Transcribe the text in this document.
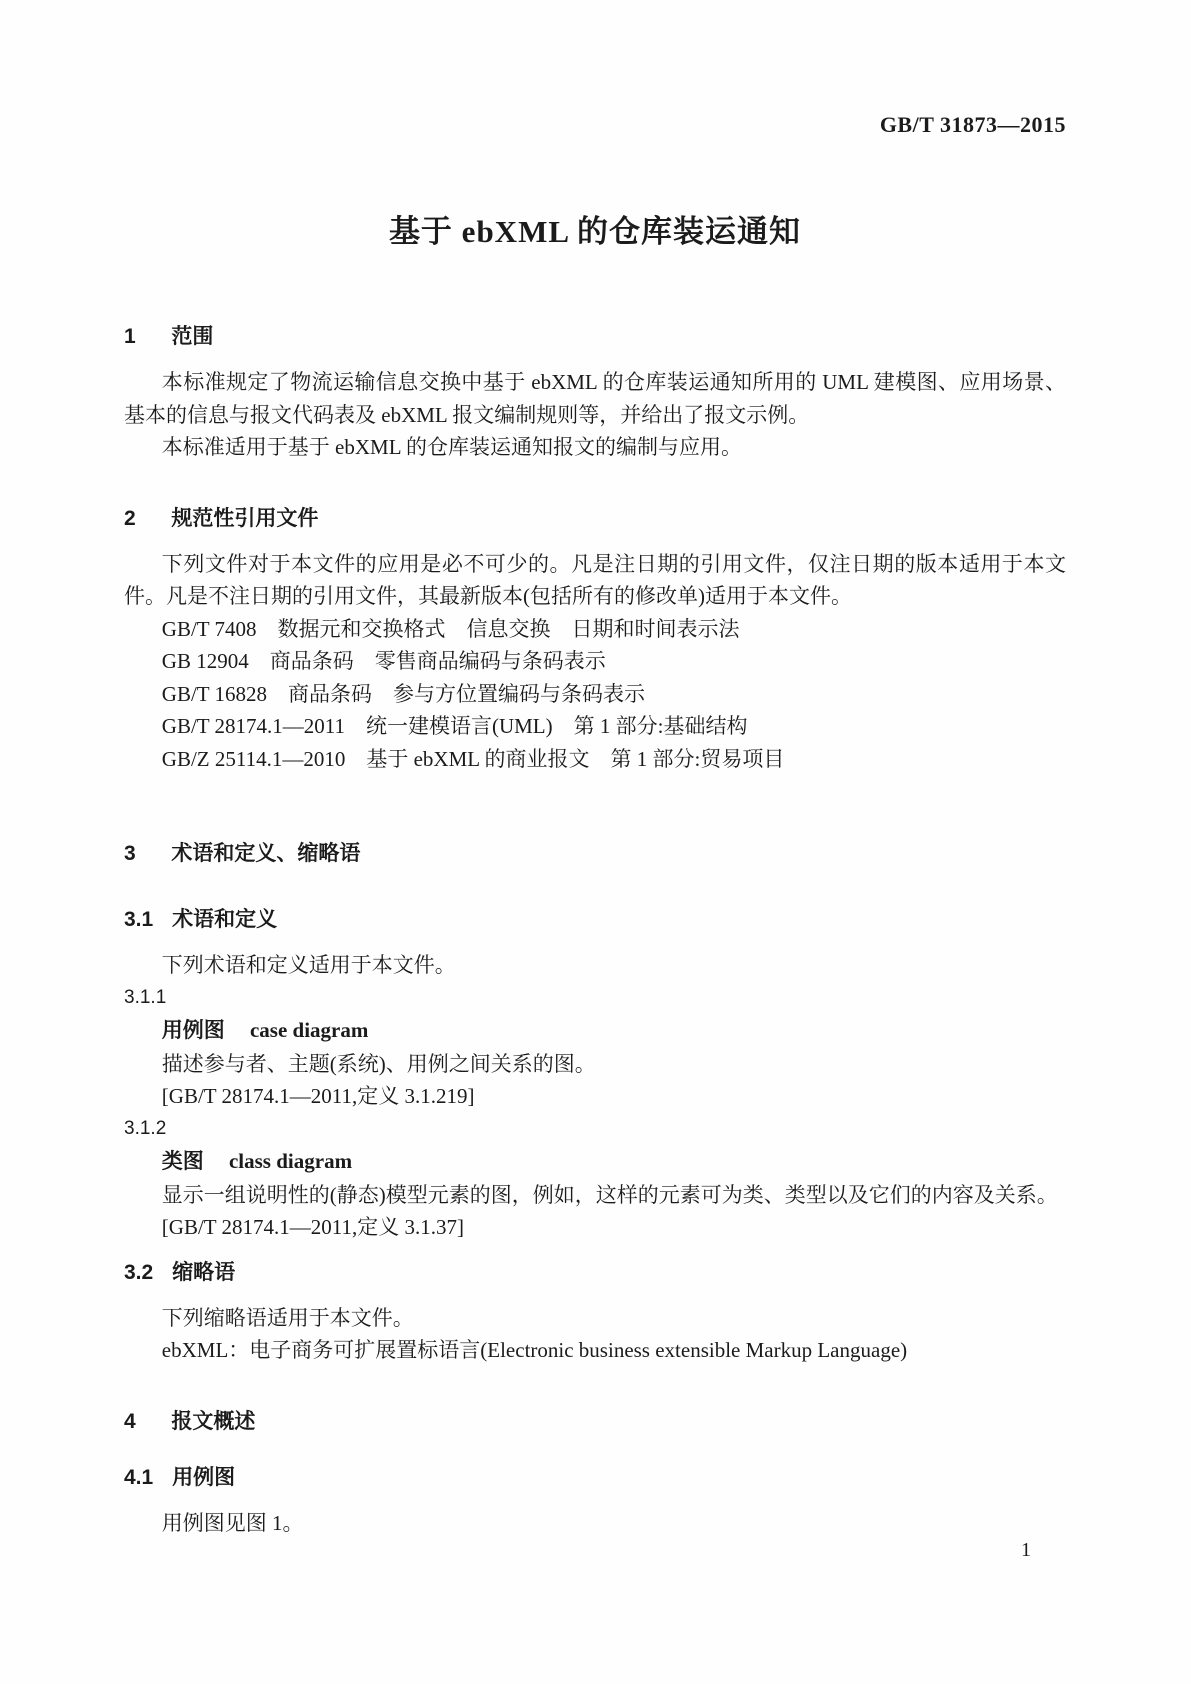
GB/T 31873—2015
基于 ebXML 的仓库装运通知
1 范围

本标准规定了物流运输信息交换中基于 ebXML 的仓库装运通知所用的 UML 建模图、应用场景、基本的信息与报文代码表及 ebXML 报文编制规则等，并给出了报文示例。

本标准适用于基于 ebXML 的仓库装运通知报文的编制与应用。

2 规范性引用文件

下列文件对于本文件的应用是必不可少的。凡是注日期的引用文件，仅注日期的版本适用于本文件。凡是不注日期的引用文件，其最新版本(包括所有的修改单)适用于本文件。

GB/T 7408　数据元和交换格式　信息交换　日期和时间表示法

GB 12904　商品条码　零售商品编码与条码表示

GB/T 16828　商品条码　参与方位置编码与条码表示

GB/T 28174.1—2011　统一建模语言(UML)　第 1 部分:基础结构

GB/Z 25114.1—2010　基于 ebXML 的商业报文　第 1 部分:贸易项目

3 术语和定义、缩略语
3.1 术语和定义

下列术语和定义适用于本文件。

3.1.1

用例图 case diagram

描述参与者、主题(系统)、用例之间关系的图。

[GB/T 28174.1—2011,定义 3.1.219]

3.1.2

类图 class diagram

显示一组说明性的(静态)模型元素的图，例如，这样的元素可为类、类型以及它们的内容及关系。

[GB/T 28174.1—2011,定义 3.1.37]

3.2 缩略语

下列缩略语适用于本文件。

ebXML：电子商务可扩展置标语言(Electronic business extensible Markup Language)

4 报文概述
4.1 用例图

用例图见图 1。

1
